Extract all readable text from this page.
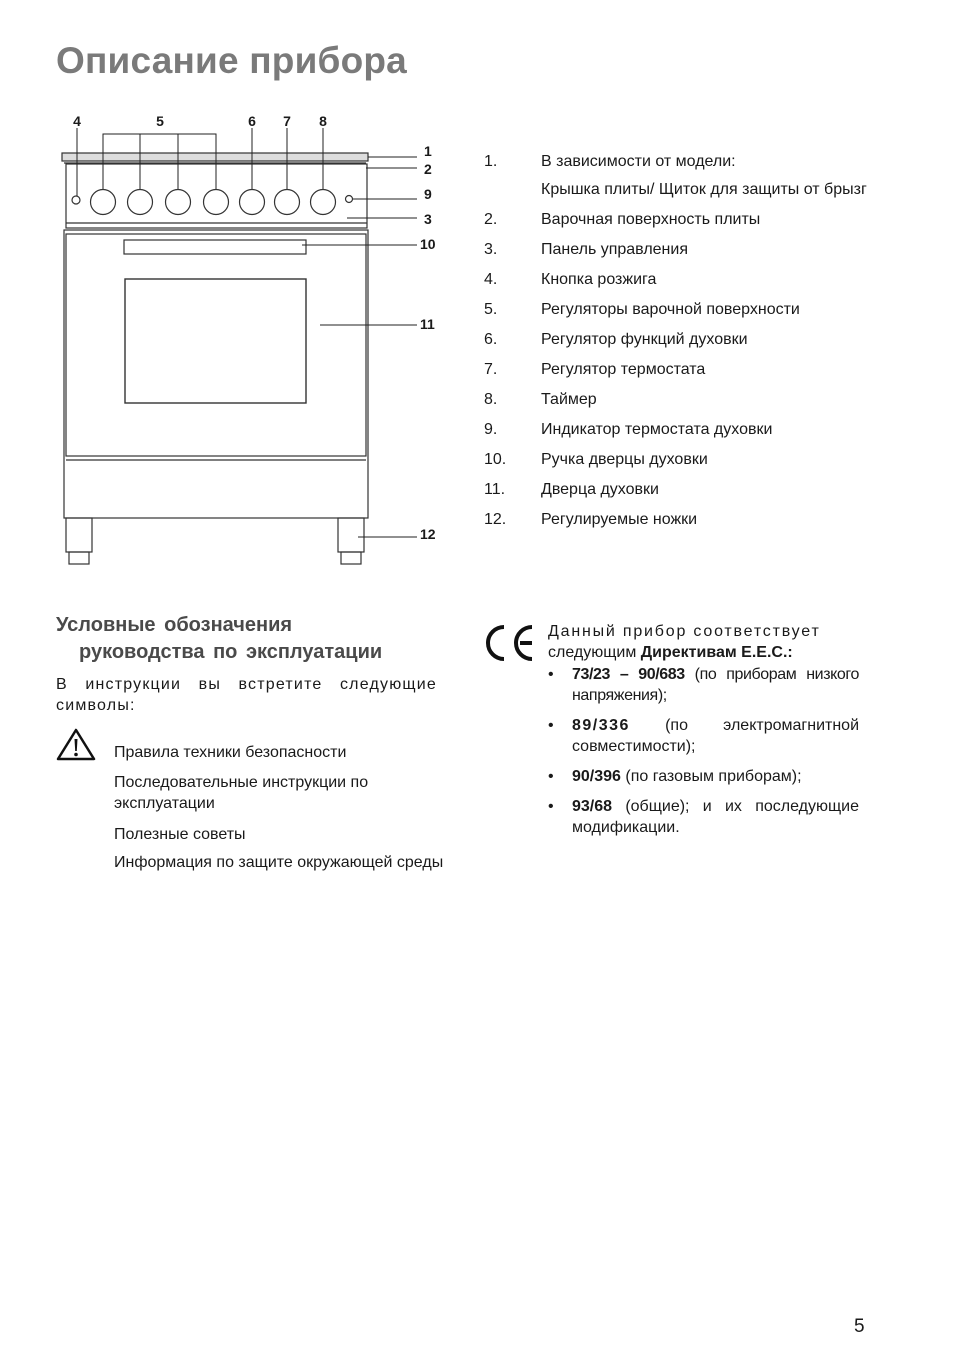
Описание прибора
4	5	6 7 8
1
2
9
3
10
11
12
1.	В зависимости от модели:
Крышка плиты/ Щиток для защиты от брызг
2.	Варочная поверхность плиты
3.	Панель управления
4.	Кнопка розжига
5.	Регуляторы варочной поверхности
6.	Регулятор функций духовки
7.	Регулятор термостата
8.	Таймер
9.	Индикатор термостата духовки
10.	Ручка дверцы духовки
11.	Дверца духовки
12.	Регулируемые ножки
Условные обозначения
руководства по эксплуатации
В инструкции вы встретите следующие символы:
Правила техники безопасности
Последовательные инструкции по эксплуатации
Полезные советы
Информация по защите окружающей среды
Данный прибор соответствует
следующим Директивам E.E.C.:
•	73/23 – 90/683 (по приборам низкого напряжения);
•	89/336 (по электромагнитной совместимости);
•	90/396 (по газовым приборам);
•	93/68 (общие); и их последующие модификации.
5
